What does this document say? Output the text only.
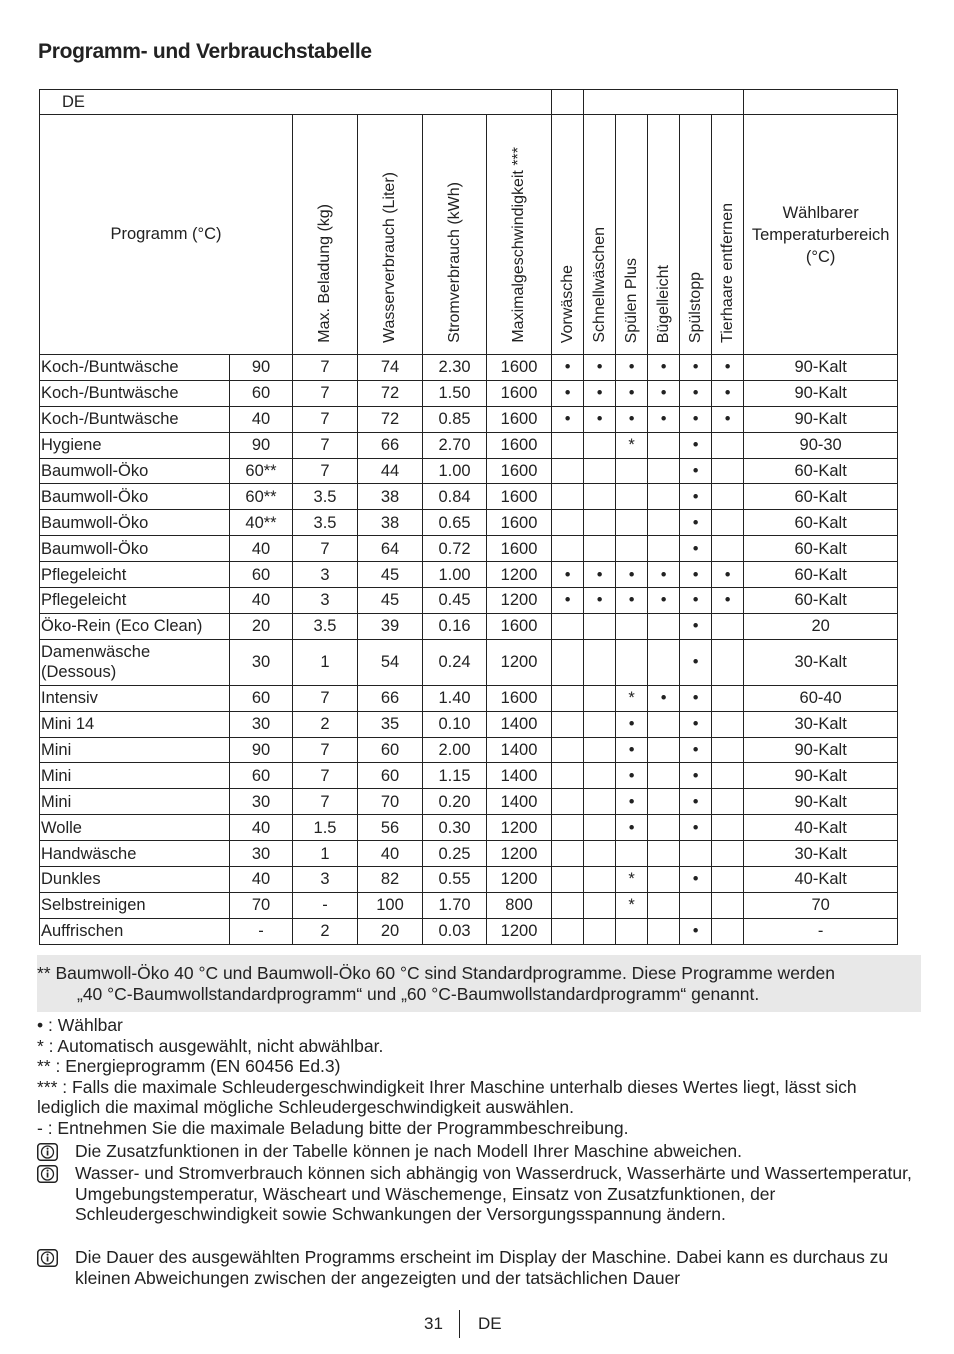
Programm- und Verbrauchstabelle
DE												
Programm (°C)		Max. Beladung (kg)	Wasserverbrauch (Liter)	Stromverbrauch (kWh)	Maximalgeschwindigkeit ***	Vorwäsche	Schnellwäschen	Spülen Plus	Bügelleicht	Spülstopp	Tierhaare entfernen	Wählbarer Temperaturbereich (°C)
Koch-/Buntwäsche	90	7	74	2.30	1600	•	•	•	•	•	•	90-Kalt
Koch-/Buntwäsche	60	7	72	1.50	1600	•	•	•	•	•	•	90-Kalt
Koch-/Buntwäsche	40	7	72	0.85	1600	•	•	•	•	•	•	90-Kalt
Hygiene	90	7	66	2.70	1600			*		•		90-30
Baumwoll-Öko	60**	7	44	1.00	1600					•		60-Kalt
Baumwoll-Öko	60**	3.5	38	0.84	1600					•		60-Kalt
Baumwoll-Öko	40**	3.5	38	0.65	1600					•		60-Kalt
Baumwoll-Öko	40	7	64	0.72	1600					•		60-Kalt
Pflegeleicht	60	3	45	1.00	1200	•	•	•	•	•	•	60-Kalt
Pflegeleicht	40	3	45	0.45	1200	•	•	•	•	•	•	60-Kalt
Öko-Rein (Eco Clean)	20	3.5	39	0.16	1600					•		20
Damenwäsche (Dessous)	30	1	54	0.24	1200					•		30-Kalt
Intensiv	60	7	66	1.40	1600			*	•	•		60-40
Mini 14	30	2	35	0.10	1400			•		•		30-Kalt
Mini	90	7	60	2.00	1400			•		•		90-Kalt
Mini	60	7	60	1.15	1400			•		•		90-Kalt
Mini	30	7	70	0.20	1400			•		•		90-Kalt
Wolle	40	1.5	56	0.30	1200			•		•		40-Kalt
Handwäsche	30	1	40	0.25	1200							30-Kalt
Dunkles	40	3	82	0.55	1200			*		•		40-Kalt
Selbstreinigen	70	-	100	1.70	800			*				70
Auffrischen	-	2	20	0.03	1200					•		-
** Baumwoll-Öko 40 °C und Baumwoll-Öko 60 °C sind Standardprogramme. Diese Programme werden
„40 °C-Baumwollstandardprogramm“ und „60 °C-Baumwollstandardprogramm“ genannt.
• : Wählbar
* : Automatisch ausgewählt, nicht abwählbar.
** : Energieprogramm (EN 60456 Ed.3)
*** : Falls die maximale Schleudergeschwindigkeit Ihrer Maschine unterhalb dieses Wertes liegt, lässt sich
lediglich die maximal mögliche Schleudergeschwindigkeit auswählen.
- : Entnehmen Sie die maximale Beladung bitte der Programmbeschreibung.
Die Zusatzfunktionen in der Tabelle können je nach Modell Ihrer Maschine abweichen.
Wasser- und Stromverbrauch können sich abhängig von Wasserdruck, Wasserhärte und Wassertemperatur, Umgebungstemperatur, Wäscheart und Wäschemenge, Einsatz von Zusatzfunktionen, der Schleudergeschwindigkeit sowie Schwankungen der Versorgungsspannung ändern.
Die Dauer des ausgewählten Programms erscheint im Display der Maschine. Dabei kann es durchaus zu kleinen Abweichungen zwischen der angezeigten und der tatsächlichen Dauer
31 DE
